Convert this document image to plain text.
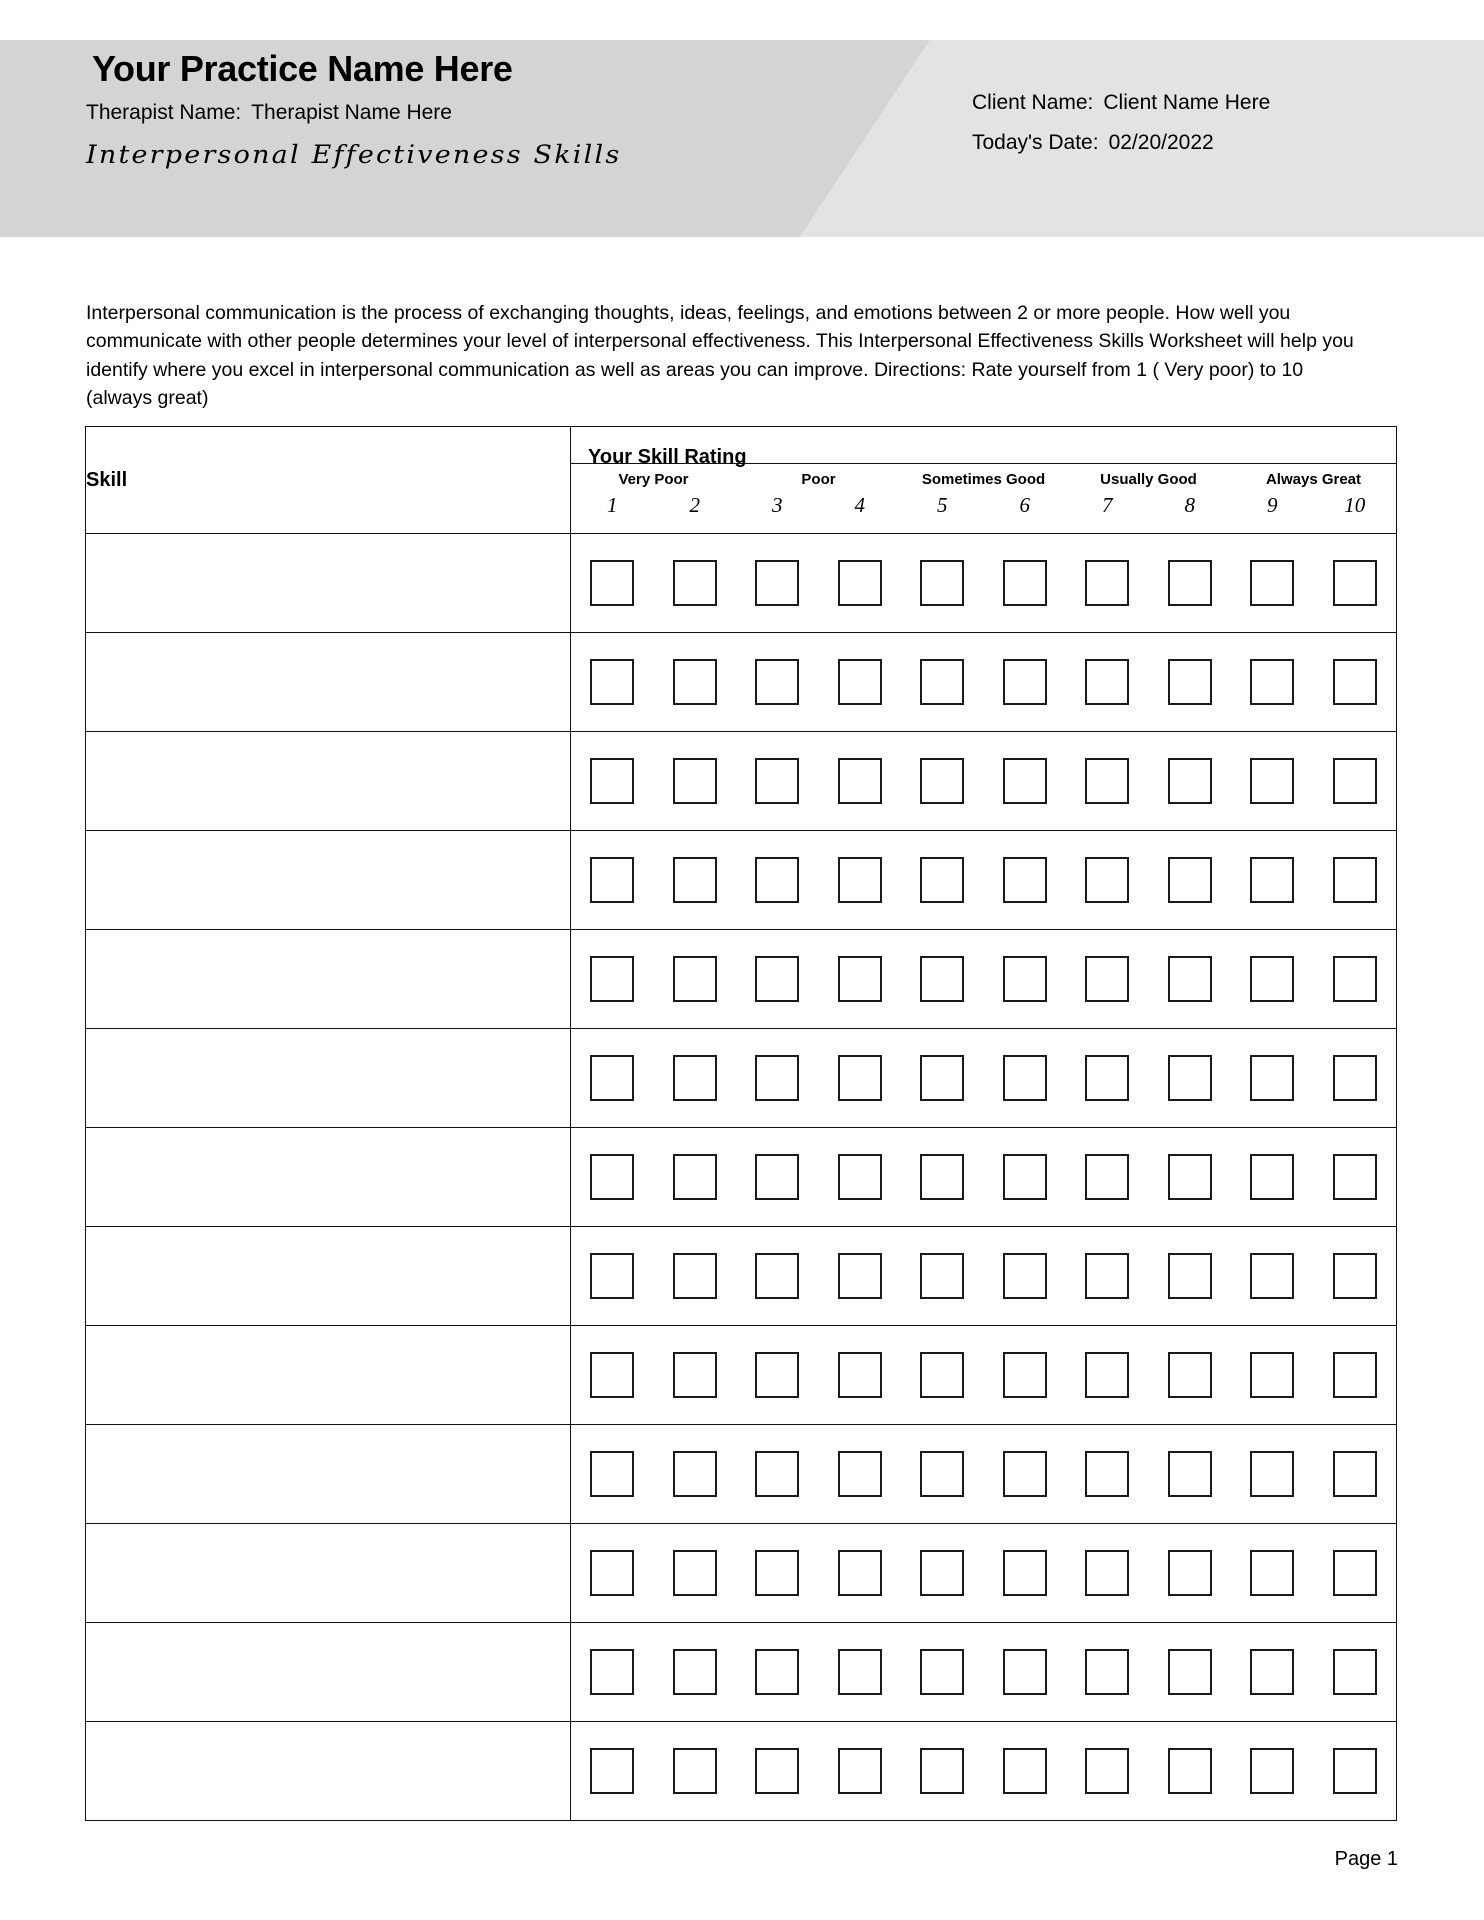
Your Practice Name Here
Therapist Name: Therapist Name Here
Interpersonal Effectiveness Skills
Client Name: Client Name Here
Today's Date: 02/20/2022

Interpersonal communication is the process of exchanging thoughts, ideas, feelings, and emotions between 2 or more people. How well you communicate with other people determines your level of interpersonal effectiveness. This Interpersonal Effectiveness Skills Worksheet will help you identify where you excel in interpersonal communication as well as areas you can improve. Directions: Rate yourself from 1 ( Very poor) to 10 (always great)

Skill	
Your Skill Rating
Very Poor	Poor	Sometimes Good	Usually Good	Always Great
1	2	3	4	5	6	7	8	9	10

Page 1
